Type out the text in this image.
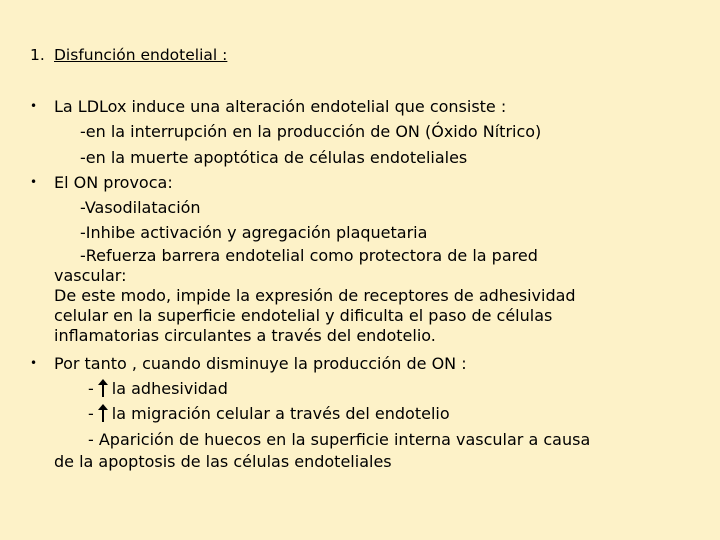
1. Disfunción endotelial :
•	La LDLox induce una alteración endotelial que consiste :
-en la interrupción en la producción de ON (Óxido Nítrico)
-en la muerte apoptótica de células endoteliales
•	El ON provoca:
-Vasodilatación
-Inhibe activación y agregación plaquetaria
-Refuerza barrera endotelial como protectora de la pared
vascular:
De este modo, impide la expresión de receptores de adhesividad
celular en la superficie endotelial y dificulta el paso de células
inflamatorias circulantes a través del endotelio.
•	Por tanto , cuando disminuye la producción de ON :
- la adhesividad
- la migración celular a través del endotelio
- Aparición de huecos en la superficie interna vascular a causa
de la apoptosis de las células endoteliales
